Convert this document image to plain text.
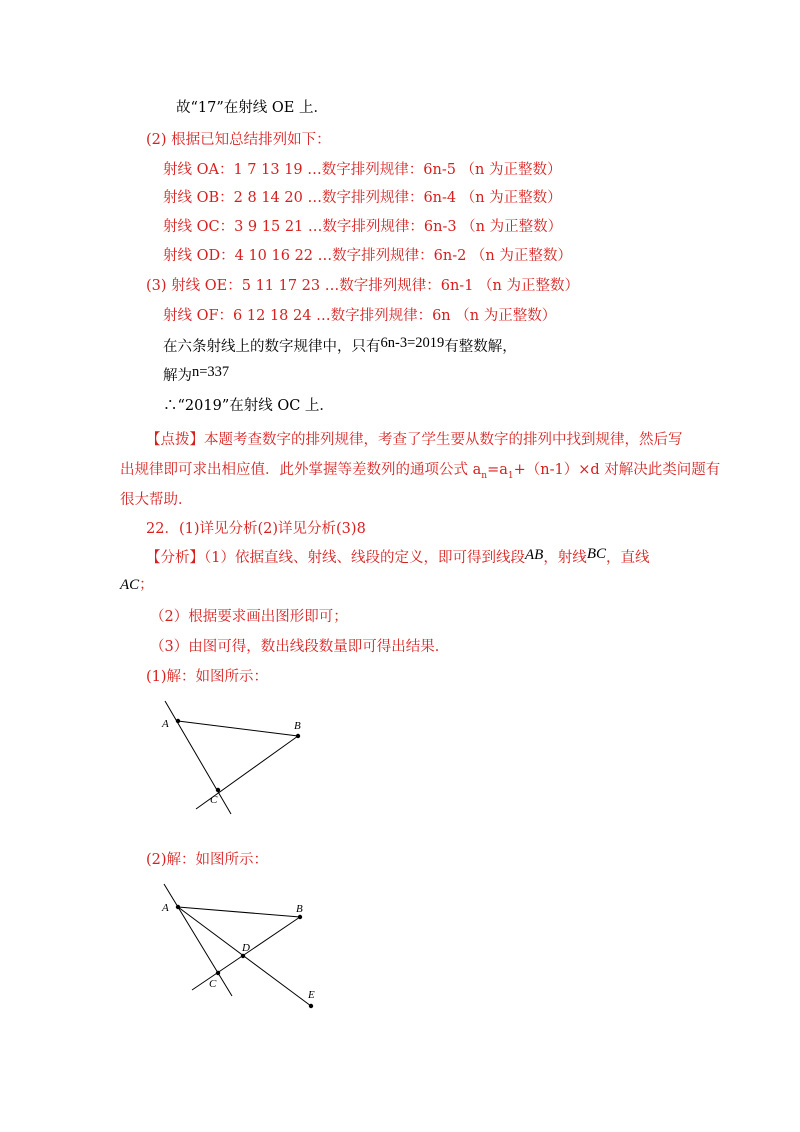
故“17”在射线 OE 上．
(2) 根据已知总结排列如下：
射线 OA：1 7 13 19 …数字排列规律：6n-5 （n 为正整数）
射线 OB：2 8 14 20 …数字排列规律：6n-4 （n 为正整数）
射线 OC：3 9 15 21 …数字排列规律：6n-3 （n 为正整数）
射线 OD：4 10 16 22 …数字排列规律：6n-2 （n 为正整数）
(3) 射线 OE：5 11 17 23 …数字排列规律：6n-1 （n 为正整数）
射线 OF：6 12 18 24 …数字排列规律：6n （n 为正整数）
在六条射线上的数字规律中，只有6n-3=2019有整数解，
解为n=337
∴“2019”在射线 OC 上．
【点拨】本题考查数字的排列规律，考查了学生要从数字的排列中找到规律，然后写
出规律即可求出相应值．此外掌握等差数列的通项公式 $a_n=a_1+(n-1)\times d$ 对解决此类问题有
很大帮助．
22．(1)详见分析(2)详见分析(3)8
【分析】（1）依据直线、射线、线段的定义，即可得到线段AB，射线BC，直线
AC；
（2）根据要求画出图形即可；
（3）由图可得，数出线段数量即可得出结果．
(1)解：如图所示：
A	B
C
(2)解：如图所示：
A	B
C
D
E
